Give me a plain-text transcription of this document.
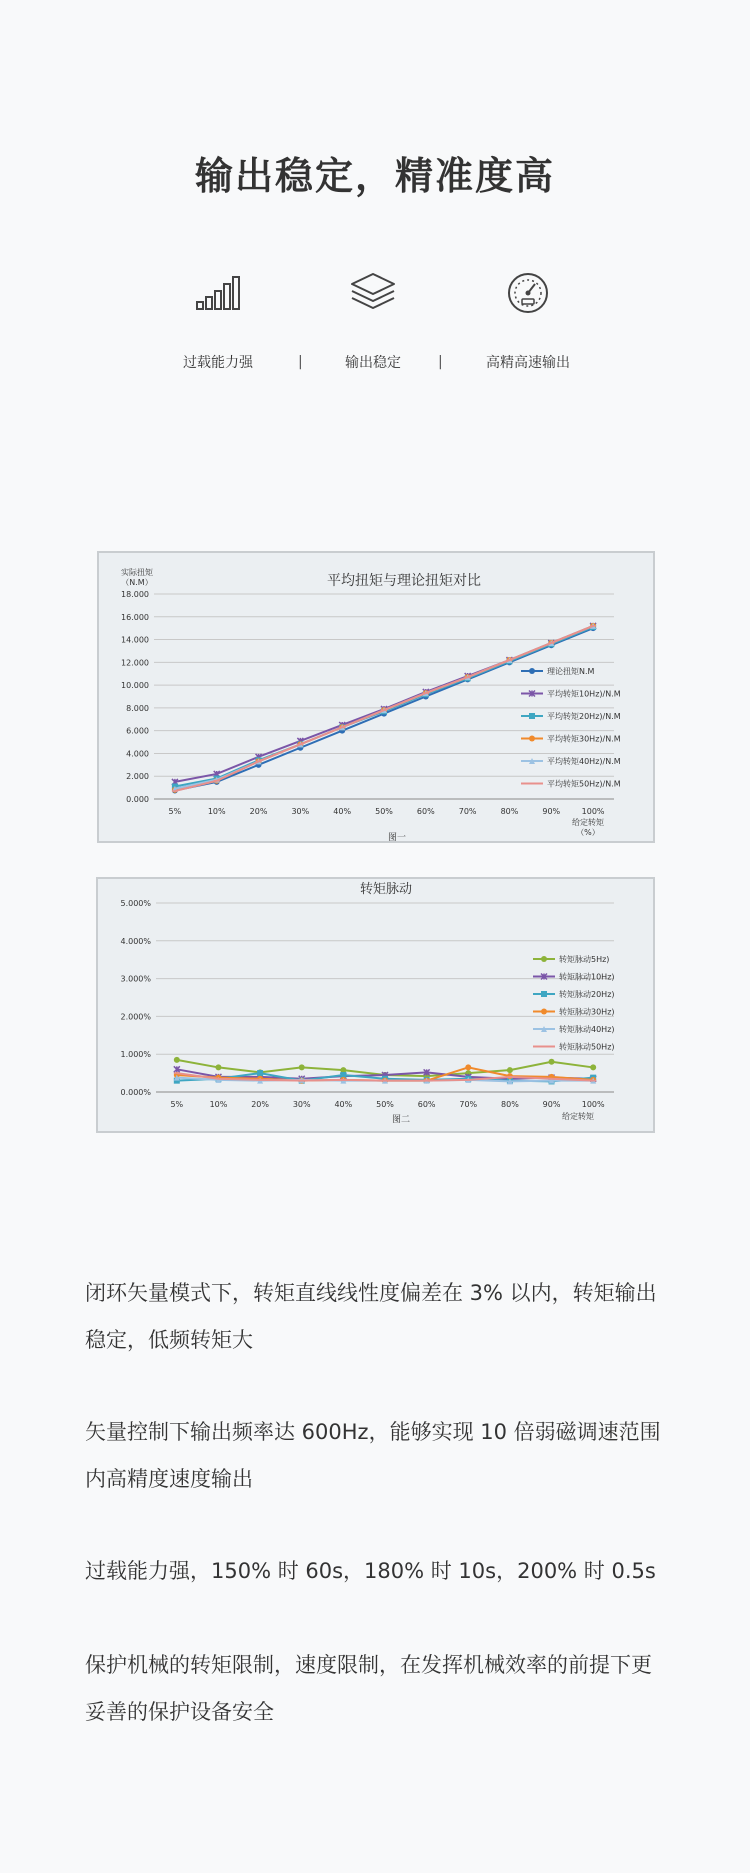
输出稳定，精准度高
过载能力强	|	输出稳定	|	高精高速输出
平均扭矩与理论扭矩对比
0.000
2.000
4.000
6.000
8.000
10.000
12.000
14.000
16.000
18.000
5%	10%	20%	30%	40%	50%	60%	70%	80%	90%	100%
理论扭矩N.M
平均转矩10Hz)/N.M
平均转矩20Hz)/N.M
平均转矩30Hz)/N.M
平均转矩40Hz)/N.M
平均转矩50Hz)/N.M
实际扭矩
（N.M）
给定转矩
（%）
图一
转矩脉动
0.000%
1.000%
2.000%
3.000%
4.000%
5.000%
5%	10%	20%	30%	40%	50%	60%	70%	80%	90%	100%
转矩脉动5Hz)
转矩脉动10Hz)
转矩脉动20Hz)
转矩脉动30Hz)
转矩脉动40Hz)
转矩脉动50Hz)
给定转矩
图二
闭环矢量模式下，转矩直线线性度偏差在 3% 以内，转矩输出稳定，低频转矩大
矢量控制下输出频率达 600Hz，能够实现 10 倍弱磁调速范围内高精度速度输出
过载能力强，150% 时 60s，180% 时 10s，200% 时 0.5s
保护机械的转矩限制，速度限制，在发挥机械效率的前提下更妥善的保护设备安全
